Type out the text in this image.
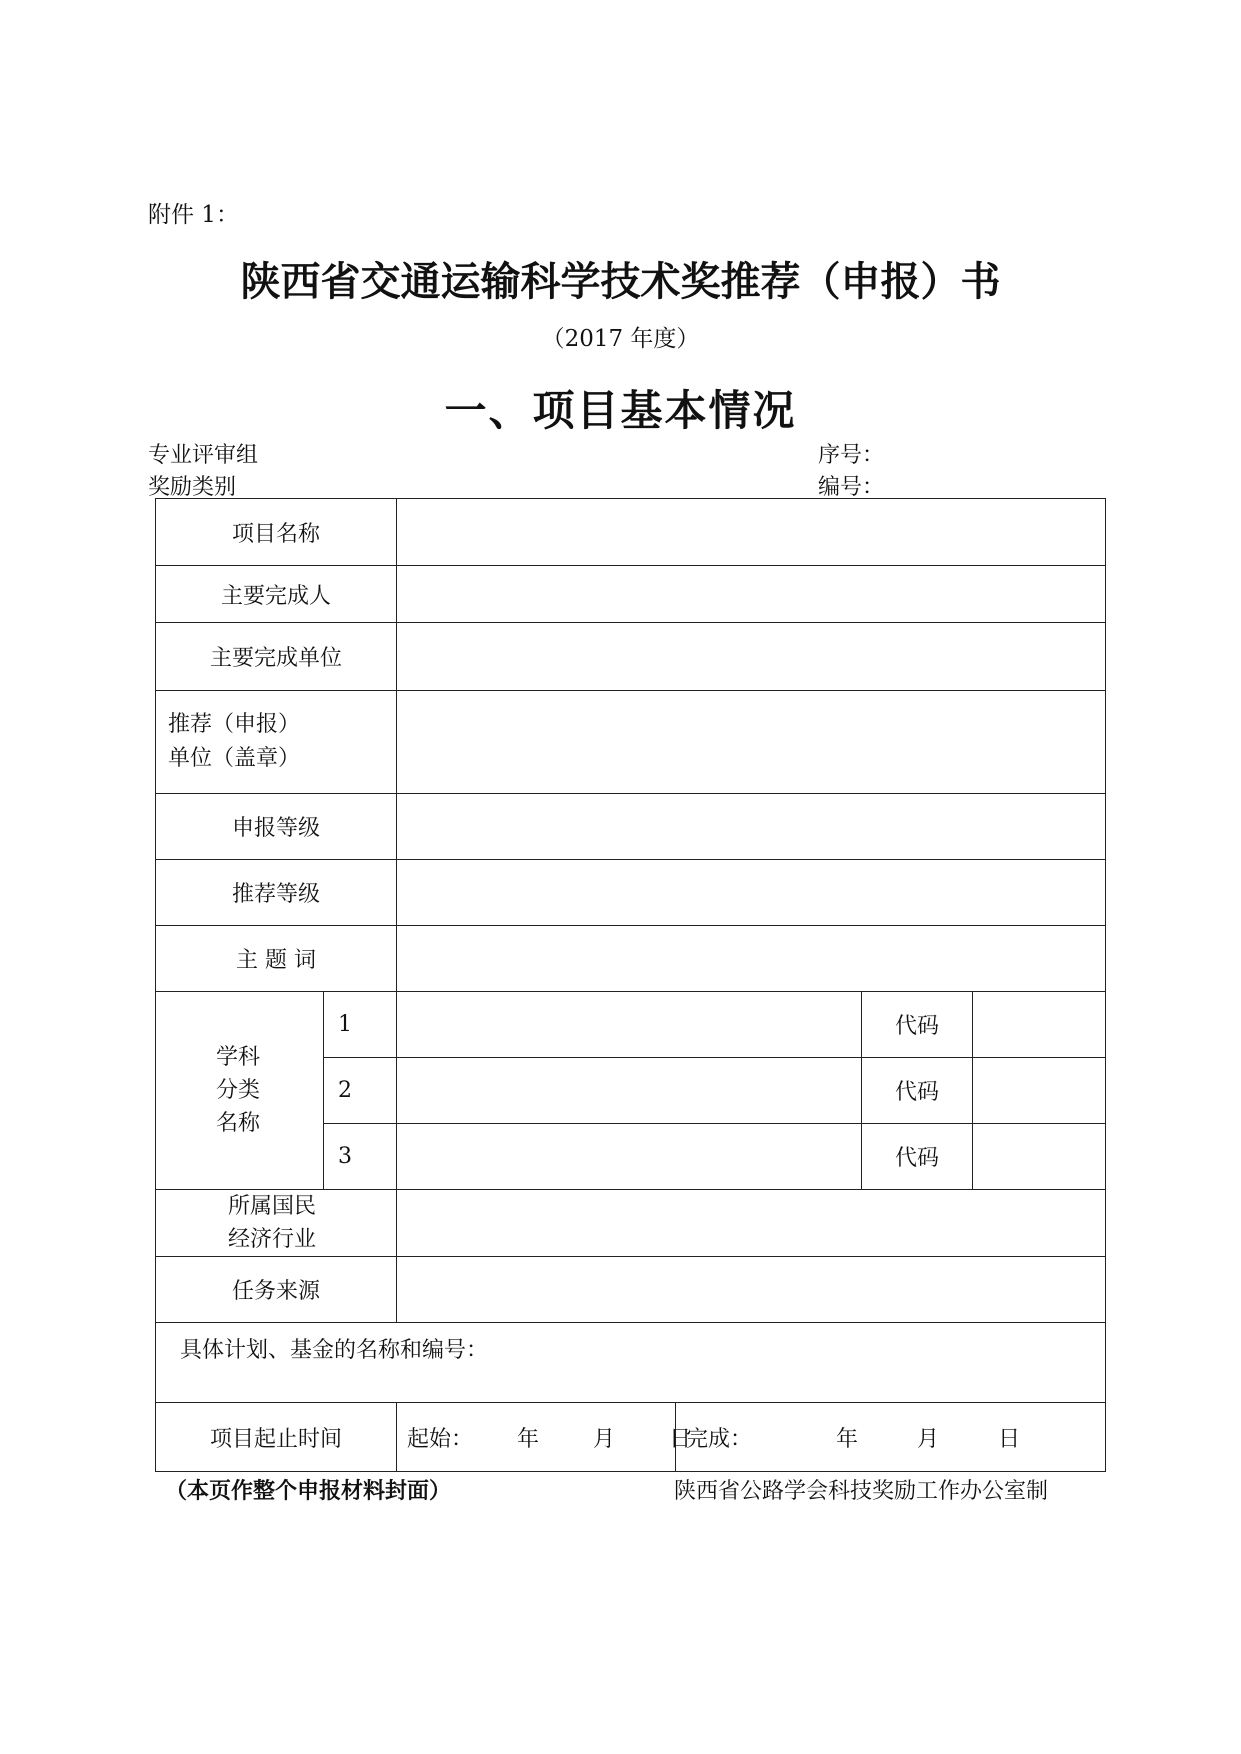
附件 1：
陕西省交通运输科学技术奖推荐（申报）书
（2017 年度）
一、项目基本情况
专业评审组
奖励类别
序号：
编号：
项目名称					
主要完成人					
主要完成单位					

推荐（申报）
单位（盖章）					

申报等级					
推荐等级					
主 题 词					

学科
分类
名称	1			代码	
	2			代码	
	3			代码	

所属国民
经济行业					

任务来源					
具体计划、基金的名称和编号：					
项目起止时间		起始： 年 月 日	完成： 年 月 日		
（本页作整个申报材料封面）	陕西省公路学会科技奖励工作办公室制
